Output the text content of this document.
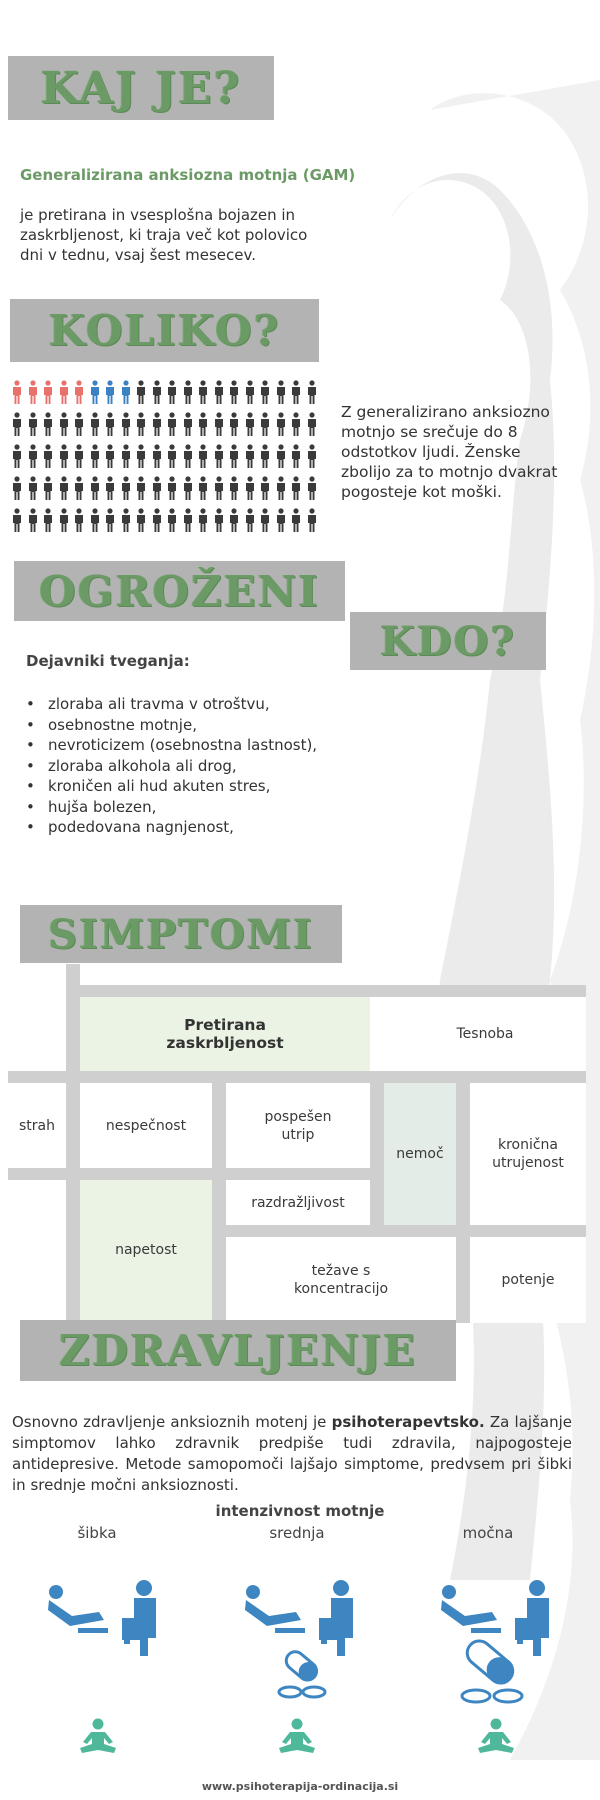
KAJ JE?
Generalizirana anksiozna motnja (GAM)
je pretirana in vsesplošna bojazen in zaskrbljenost, ki traja več kot polovico dni v tednu, vsaj šest mesecev.
KOLIKO?
Z generalizirano anksiozno motnjo se srečuje do 8 odstotkov ljudi. Ženske zbolijo za to motnjo dvakrat pogosteje kot moški.
OGROŽENI
KDO?
Dejavniki tveganja:
• zloraba ali travma v otroštvu,
• osebnostne motnje,
• nevroticizem (osebnostna lastnost),
• zloraba alkohola ali drog,
• kroničen ali hud akuten stres,
• hujša bolezen,
• podedovana nagnjenost,
SIMPTOMI
Pretirana
zaskrbljenost	Tesnoba
strah	nespečnost
pospešen
utrip
nemoč
kronična
utrujenost
razdražljivost
napetost
težave s
koncentracijo
potenje
ZDRAVLJENJE
Osnovno zdravljenje anksioznih motenj je psihoterapevtsko. Za lajšanje simptomov lahko zdravnik predpiše tudi zdravila, najpogosteje antidepresive. Metode samopomoči lajšajo simptome, predvsem pri šibki in srednje močni anksioznosti.
intenzivnost motnje
šibka	srednja	močna
www.psihoterapija-ordinacija.si
